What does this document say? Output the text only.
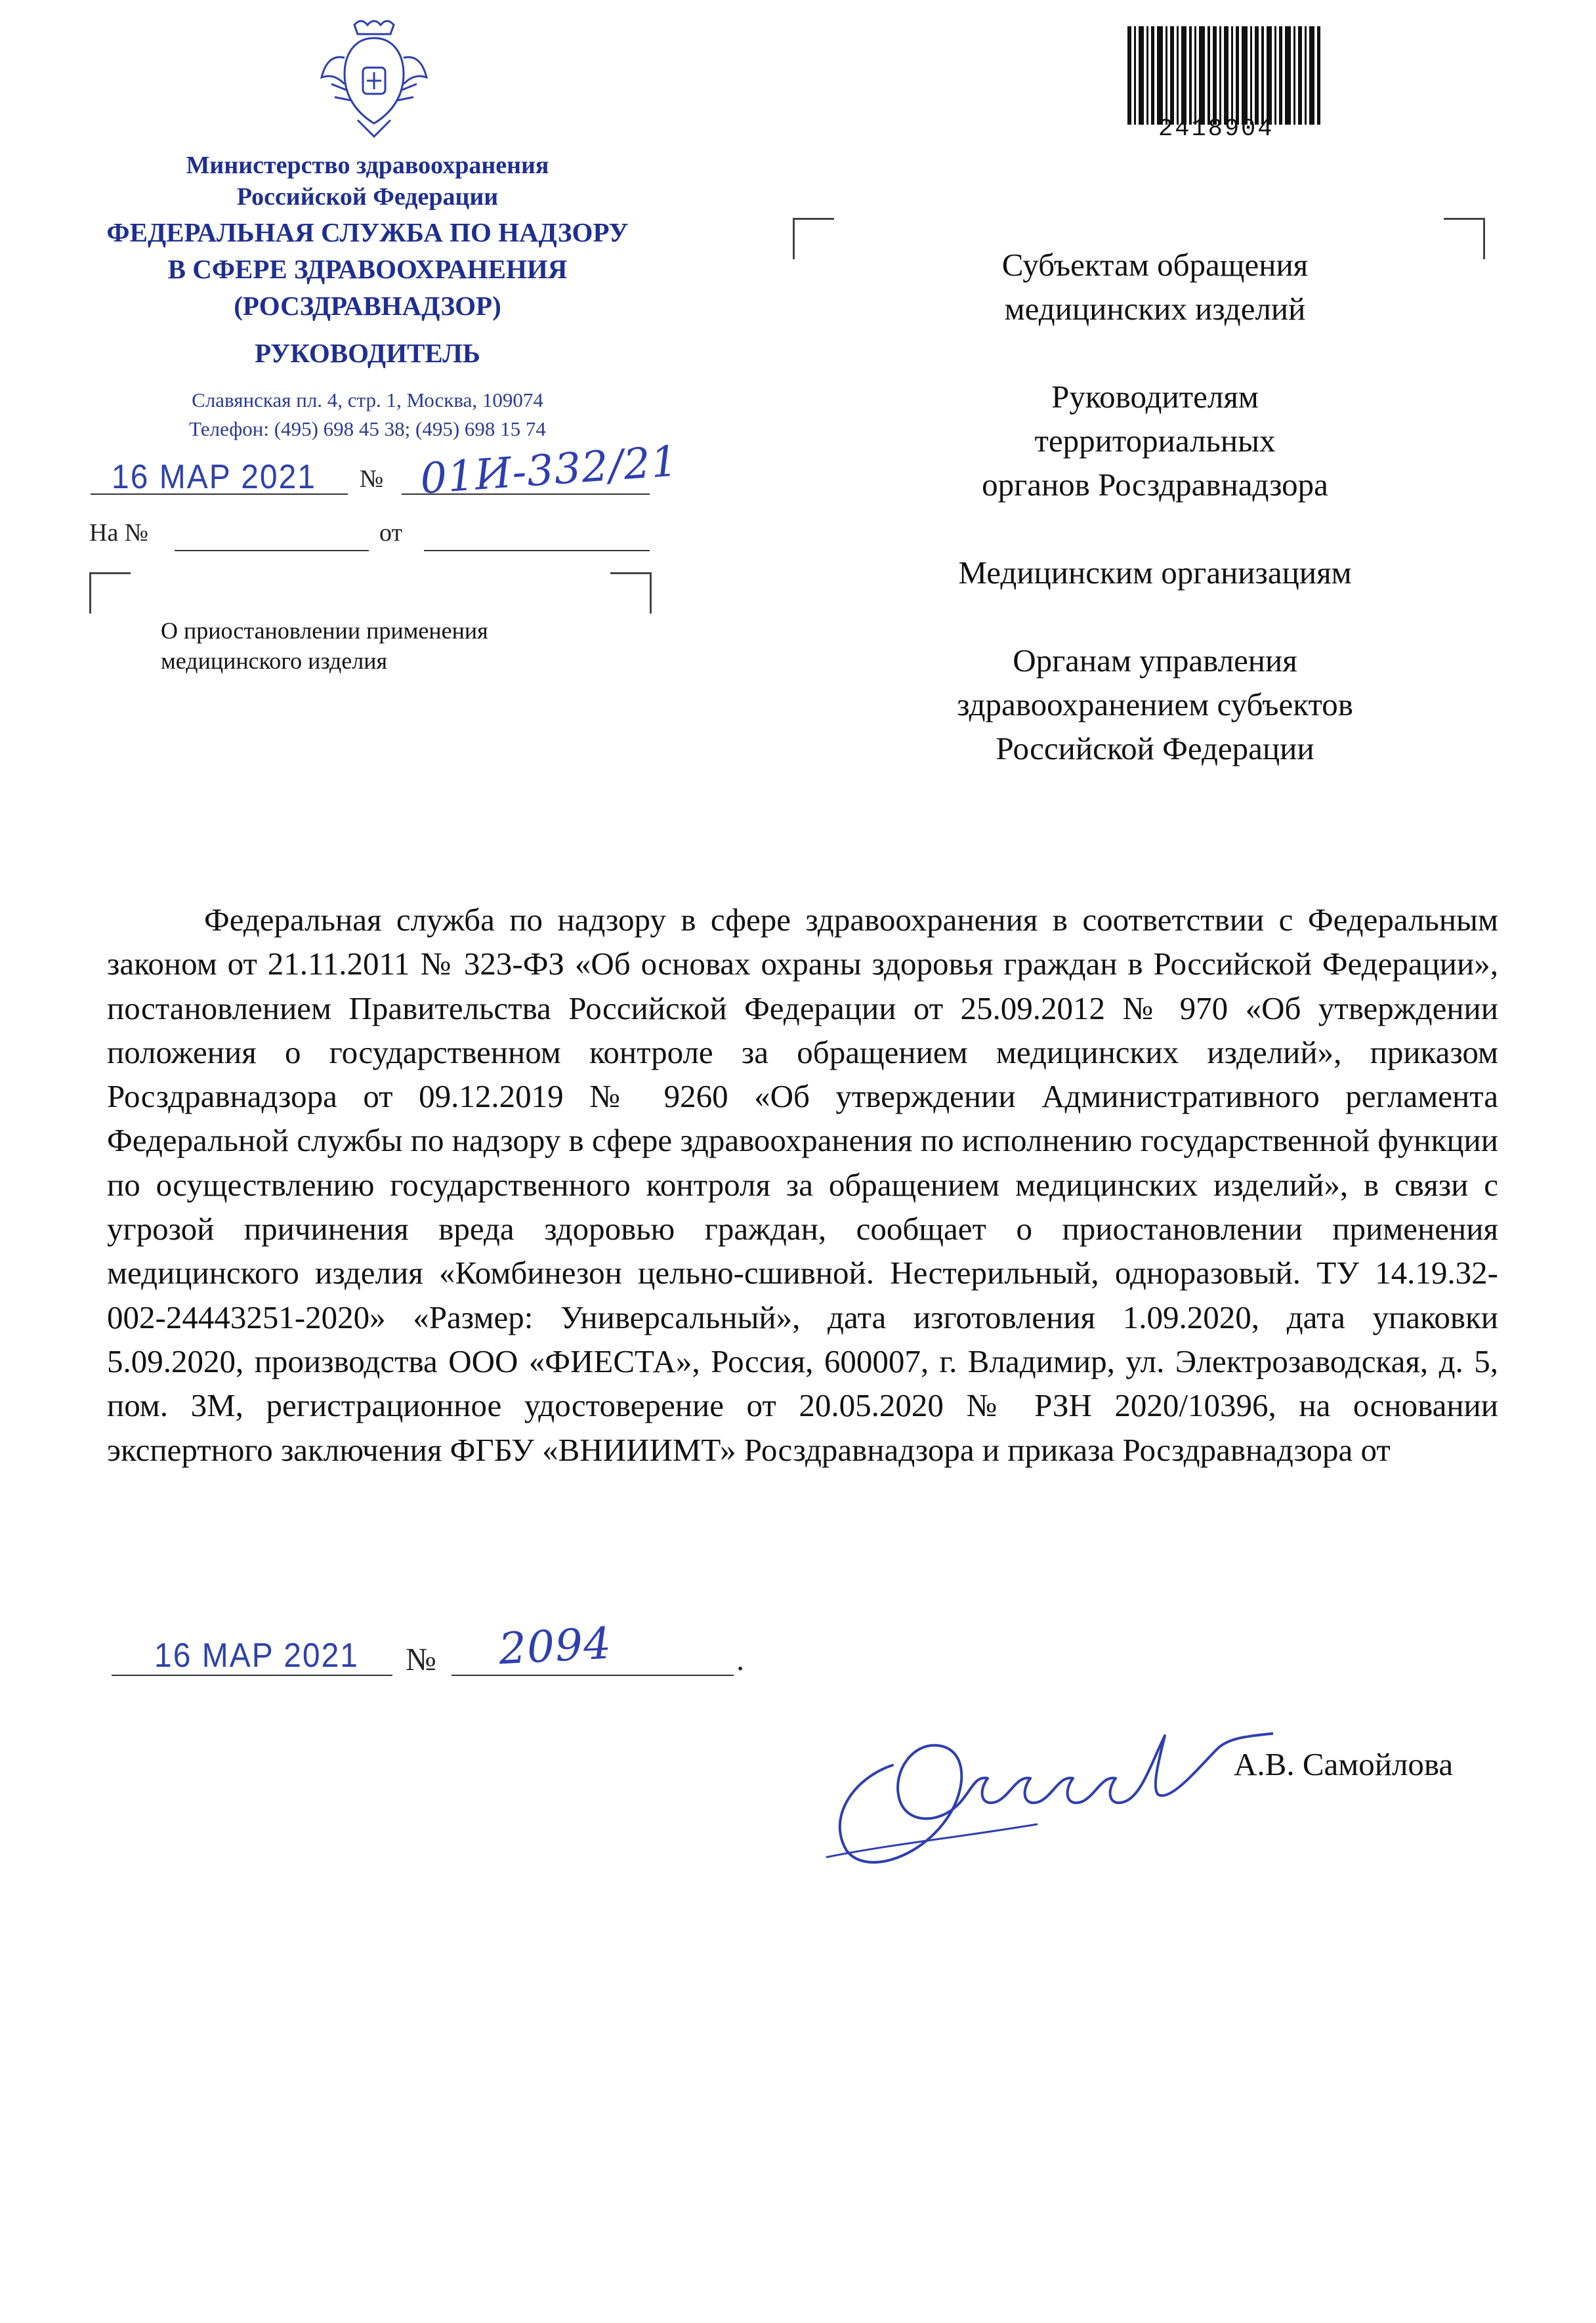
Министерство здравоохранения
Российской Федерации
ФЕДЕРАЛЬНАЯ СЛУЖБА ПО НАДЗОРУ
В СФЕРЕ ЗДРАВООХРАНЕНИЯ
(РОСЗДРАВНАДЗОР)
РУКОВОДИТЕЛЬ
Славянская пл. 4, стр. 1, Москва, 109074
Телефон: (495) 698 45 38; (495) 698 15 74
16 MAP 2021 № 01И-332/21
На №	от
О приостановлении применения
медицинского изделия
2418904
Субъектам обращения
медицинских изделий
Руководителям
территориальных
органов Росздравнадзора
Медицинским организациям
Органам управления
здравоохранением субъектов
Российской Федерации
Федеральная служба по надзору в сфере здравоохранения в соответствии с Федеральным законом от 21.11.2011 № 323-ФЗ «Об основах охраны здоровья граждан в Российской Федерации», постановлением Правительства Российской Федерации от 25.09.2012 № 970 «Об утверждении положения о государственном контроле за обращением медицинских изделий», приказом Росздравнадзора от 09.12.2019 № 9260 «Об утверждении Административного регламента Федеральной службы по надзору в сфере здравоохранения по исполнению государственной функции по осуществлению государственного контроля за обращением медицинских изделий», в связи с угрозой причинения вреда здоровью граждан, сообщает о приостановлении применения медицинского изделия «Комбинезон цельно-сшивной. Нестерильный, одноразовый. ТУ 14.19.32-002-24443251-2020» «Размер: Универсальный», дата изготовления 1.09.2020, дата упаковки 5.09.2020, производства ООО «ФИЕСТА», Россия, 600007, г. Владимир, ул. Электрозаводская, д. 5, пом. 3М, регистрационное удостоверение от 20.05.2020 № РЗН 2020/10396, на основании экспертного заключения ФГБУ «ВНИИИМТ» Росздравнадзора и приказа Росздравнадзора от
16 MAP 2021 № 2094	.
А.В. Самойлова
